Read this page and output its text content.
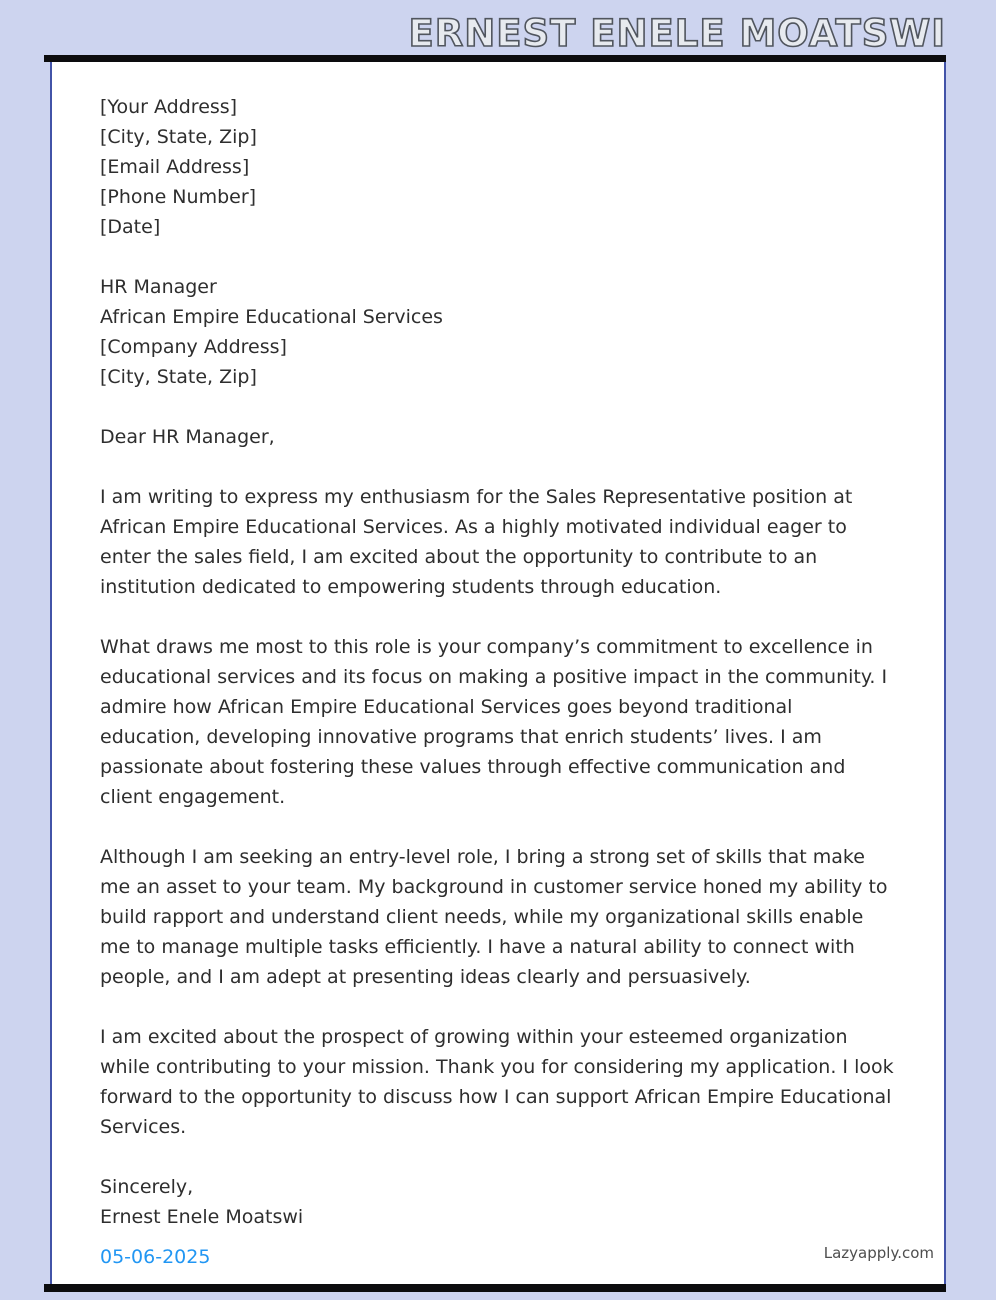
ERNEST ENELE MOATSWI
[Your Address]
[City, State, Zip]
[Email Address]
[Phone Number]
[Date]
HR Manager
African Empire Educational Services
[Company Address]
[City, State, Zip]
Dear HR Manager,
I am writing to express my enthusiasm for the Sales Representative position at African Empire Educational Services. As a highly motivated individual eager to enter the sales field, I am excited about the opportunity to contribute to an institution dedicated to empowering students through education.
What draws me most to this role is your company’s commitment to excellence in educational services and its focus on making a positive impact in the community. I admire how African Empire Educational Services goes beyond traditional education, developing innovative programs that enrich students’ lives. I am passionate about fostering these values through effective communication and client engagement.
Although I am seeking an entry-level role, I bring a strong set of skills that make me an asset to your team. My background in customer service honed my ability to build rapport and understand client needs, while my organizational skills enable me to manage multiple tasks efficiently. I have a natural ability to connect with people, and I am adept at presenting ideas clearly and persuasively.
I am excited about the prospect of growing within your esteemed organization while contributing to your mission. Thank you for considering my application. I look forward to the opportunity to discuss how I can support African Empire Educational Services.
Sincerely,
Ernest Enele Moatswi
05-06-2025	Lazyapply.com
